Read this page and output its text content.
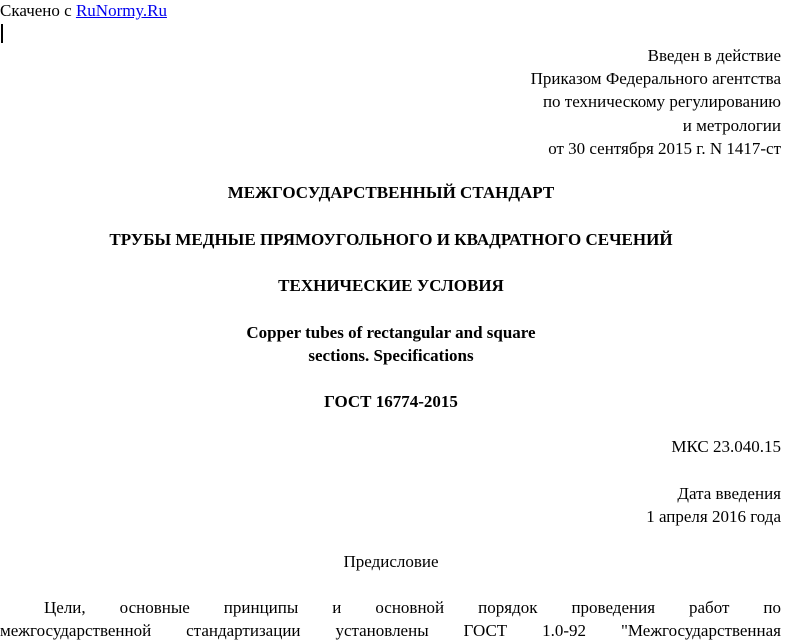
Скачено с RuNormy.Ru
Введен в действие
Приказом Федерального агентства
по техническому регулированию
и метрологии
от 30 сентября 2015 г. N 1417-ст
МЕЖГОСУДАРСТВЕННЫЙ СТАНДАРТ
ТРУБЫ МЕДНЫЕ ПРЯМОУГОЛЬНОГО И КВАДРАТНОГО СЕЧЕНИЙ
ТЕХНИЧЕСКИЕ УСЛОВИЯ
Copper tubes of rectangular and square
sections. Specifications
ГОСТ 16774-2015
МКС 23.040.15
Дата введения
1 апреля 2016 года
Предисловие
Цели, основные принципы и основной порядок проведения работ по
межгосударственной стандартизации установлены ГОСТ 1.0-92 "Межгосударственная
